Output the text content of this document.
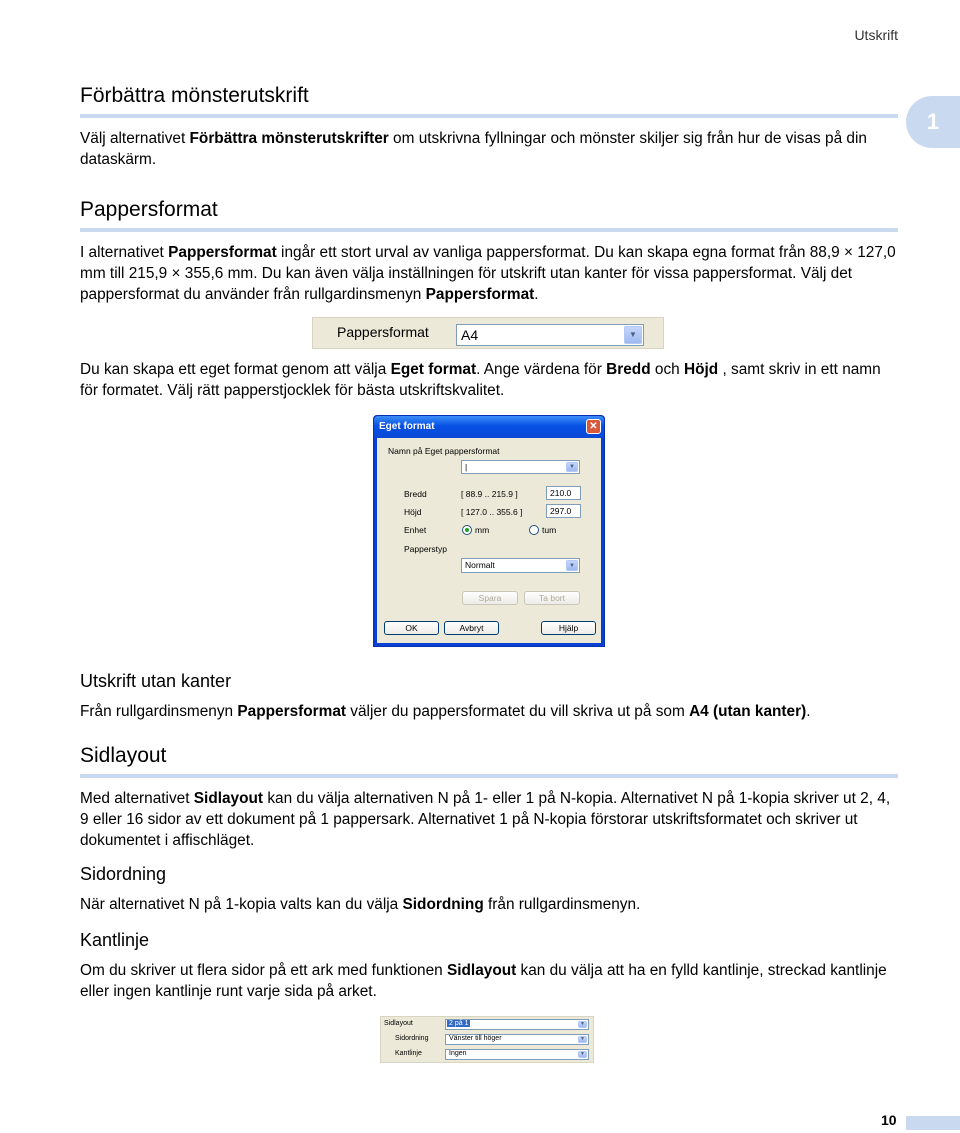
Utskrift
1
Förbättra mönsterutskrift

Välj alternativet Förbättra mönsterutskrifter om utskrivna fyllningar och mönster skiljer sig från hur de visas på din dataskärm.

Pappersformat

I alternativet Pappersformat ingår ett stort urval av vanliga pappersformat. Du kan skapa egna format från 88,9 × 127,0 mm till 215,9 × 355,6 mm. Du kan även välja inställningen för utskrift utan kanter för vissa pappersformat. Välj det pappersformat du använder från rullgardinsmenyn Pappersformat.

Pappersformat A4	▼

Du kan skapa ett eget format genom att välja Eget format. Ange värdena för Bredd och Höjd , samt skriv in ett namn för formatet. Välj rätt papperstjocklek för bästa utskriftskvalitet.

Eget format	✕
Namn på Eget pappersformat
|	▼
Bredd	[ 88.9 .. 215.9 ]	210.0
Höjd	[ 127.0 .. 355.6 ]	297.0
Enhet	mm	tum
Papperstyp
Normalt	▼
Spara	Ta bort
OK	Avbryt	Hjälp
Utskrift utan kanter

Från rullgardinsmenyn Pappersformat väljer du pappersformatet du vill skriva ut på som A4 (utan kanter).

Sidlayout

Med alternativet Sidlayout kan du välja alternativen N på 1- eller 1 på N-kopia. Alternativet N på 1-kopia skriver ut 2, 4, 9 eller 16 sidor av ett dokument på 1 pappersark. Alternativet 1 på N-kopia förstorar utskriftsformatet och skriver ut dokumentet i affischläget.

Sidordning

När alternativet N på 1-kopia valts kan du välja Sidordning från rullgardinsmenyn.

Kantlinje

Om du skriver ut flera sidor på ett ark med funktionen Sidlayout kan du välja att ha en fylld kantlinje, streckad kantlinje eller ingen kantlinje runt varje sida på arket.

Sidlayout	2 på 1	▼
Sidordning	Vänster till höger	▼
Kantlinje	Ingen	▼
10
